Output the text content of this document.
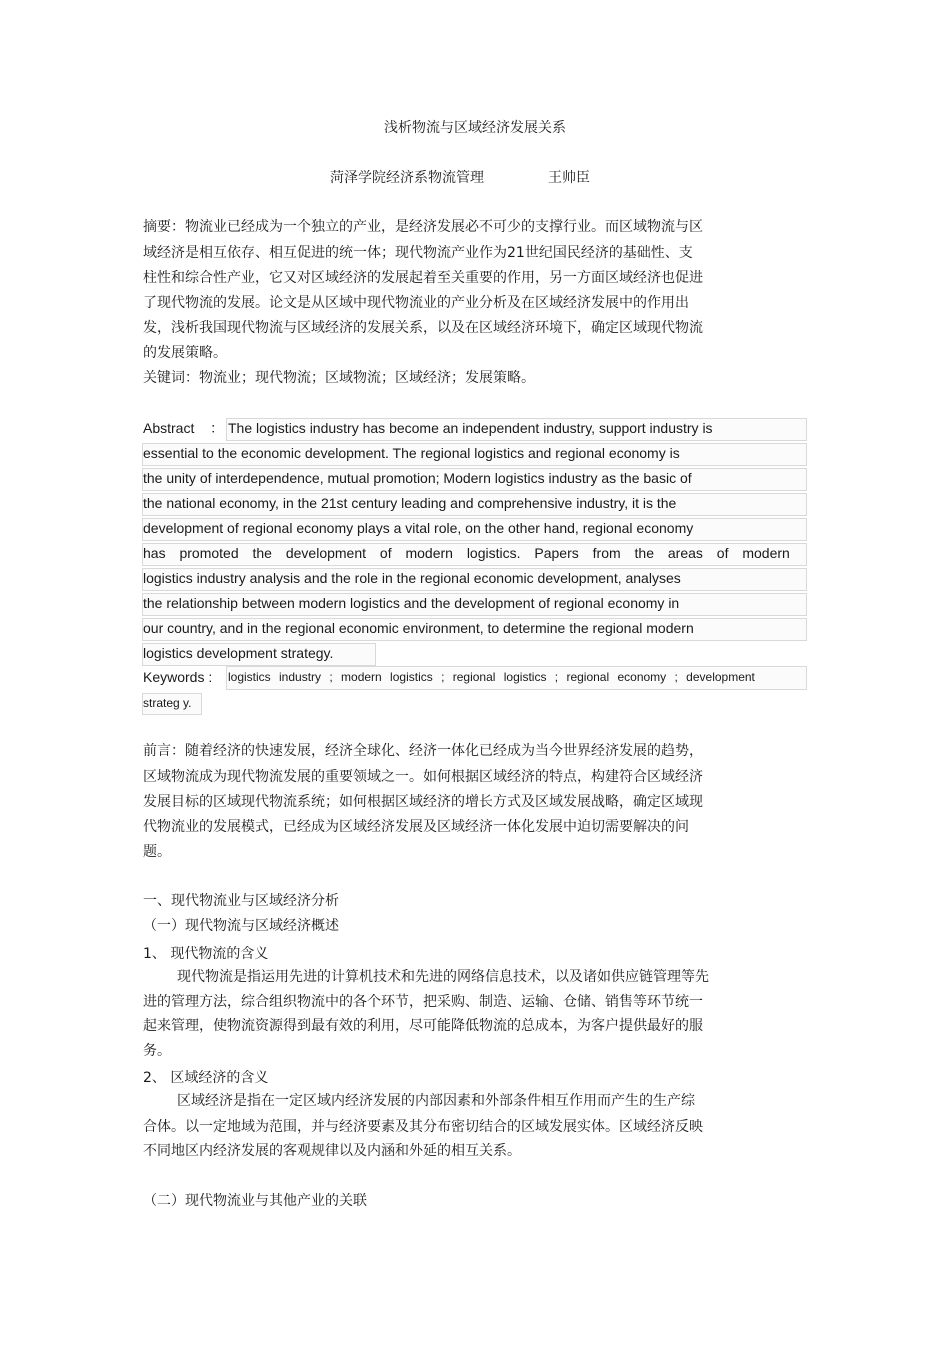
浅析物流与区域经济发展关系
菏泽学院经济系物流管理	王帅臣
摘要：物流业已经成为一个独立的产业，是经济发展必不可少的支撑行业。而区域物流与区
域经济是相互依存、相互促进的统一体；现代物流产业作为21世纪国民经济的基础性、支
柱性和综合性产业，它又对区域经济的发展起着至关重要的作用，另一方面区域经济也促进
了现代物流的发展。论文是从区域中现代物流业的产业分析及在区域经济发展中的作用出
发，浅析我国现代物流与区域经济的发展关系，以及在区域经济环境下，确定区域现代物流
的发展策略。
关键词：物流业；现代物流；区域物流；区域经济；发展策略。
Abstract ： The logistics industry has become an independent industry, support industry is
essential to the economic development. The regional logistics and regional economy is
the unity of interdependence, mutual promotion; Modern logistics industry as the basic of
the national economy, in the 21st century leading and comprehensive industry, it is the
development of regional economy plays a vital role, on the other hand, regional economy
has promoted the development of modern logistics. Papers from the areas of modern
logistics industry analysis and the role in the regional economic development, analyses
the relationship between modern logistics and the development of regional economy in
our country, and in the regional economic environment, to determine the regional modern
logistics development strategy.
Keywords : logistics industry ; modern logistics ; regional logistics ; regional economy ; development
strateg y.
前言：随着经济的快速发展，经济全球化、经济一体化已经成为当今世界经济发展的趋势，
区域物流成为现代物流发展的重要领域之一。如何根据区域经济的特点，构建符合区域经济
发展目标的区域现代物流系统；如何根据区域经济的增长方式及区域发展战略，确定区域现
代物流业的发展模式，已经成为区域经济发展及区域经济一体化发展中迫切需要解决的问
题。
一、现代物流业与区域经济分析
（一）现代物流与区域经济概述
1、 现代物流的含义
现代物流是指运用先进的计算机技术和先进的网络信息技术，以及诸如供应链管理等先
进的管理方法，综合组织物流中的各个环节，把采购、制造、运输、仓储、销售等环节统一
起来管理，使物流资源得到最有效的利用，尽可能降低物流的总成本，为客户提供最好的服
务。
2、 区域经济的含义
区域经济是指在一定区域内经济发展的内部因素和外部条件相互作用而产生的生产综
合体。以一定地域为范围，并与经济要素及其分布密切结合的区域发展实体。区域经济反映
不同地区内经济发展的客观规律以及内涵和外延的相互关系。
（二）现代物流业与其他产业的关联
